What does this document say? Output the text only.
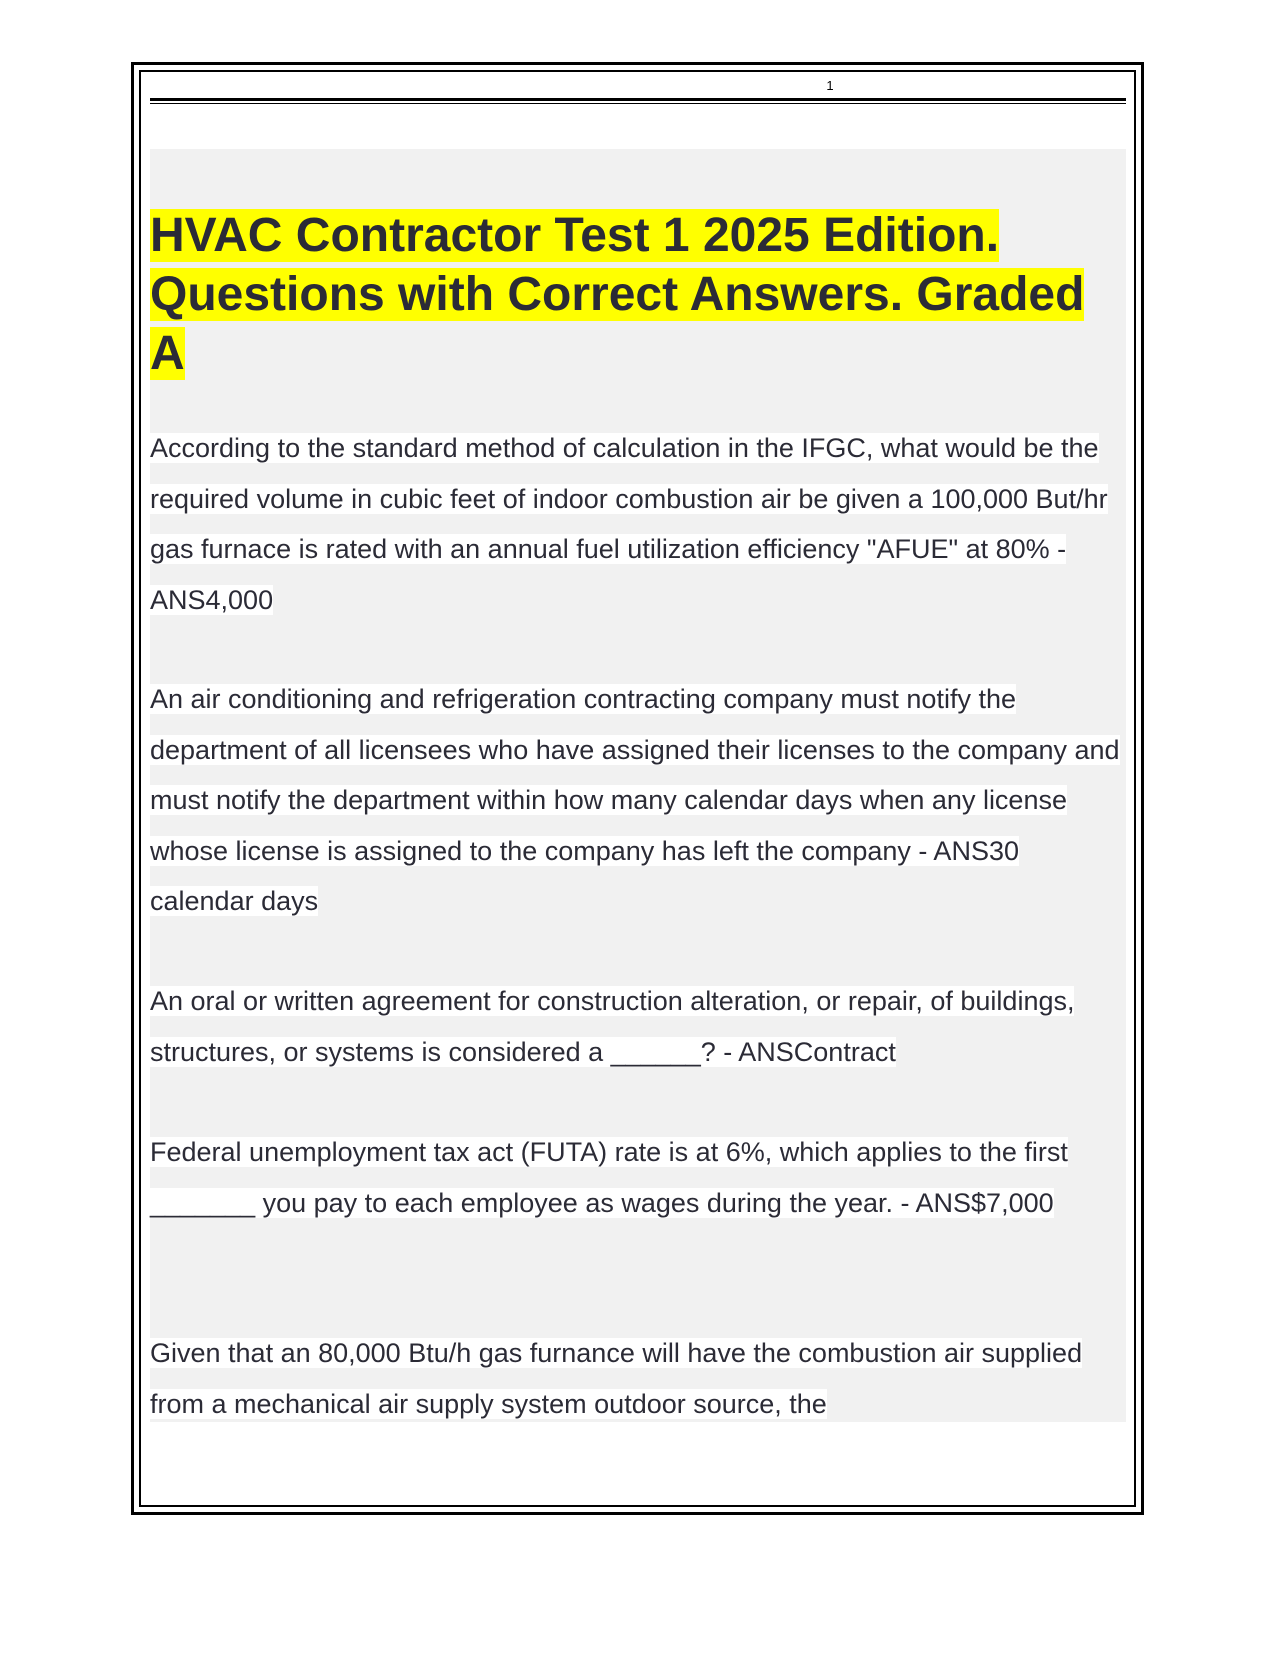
1
HVAC Contractor Test 1 2025 Edition. Questions with Correct Answers. Graded A

According to the standard method of calculation in the IFGC, what would be the required volume in cubic feet of indoor combustion air be given a 100,000 But/hr gas furnace is rated with an annual fuel utilization efficiency "AFUE" at 80% - ANS4,000

An air conditioning and refrigeration contracting company must notify the department of all licensees who have assigned their licenses to the company and must notify the department within how many calendar days when any license whose license is assigned to the company has left the company - ANS30 calendar days

An oral or written agreement for construction alteration, or repair, of buildings, structures, or systems is considered a ______? - ANSContract

Federal unemployment tax act (FUTA) rate is at 6%, which applies to the first _______ you pay to each employee as wages during the year. - ANS$7,000

Given that an 80,000 Btu/h gas furnance will have the combustion air supplied from a mechanical air supply system outdoor source, the
